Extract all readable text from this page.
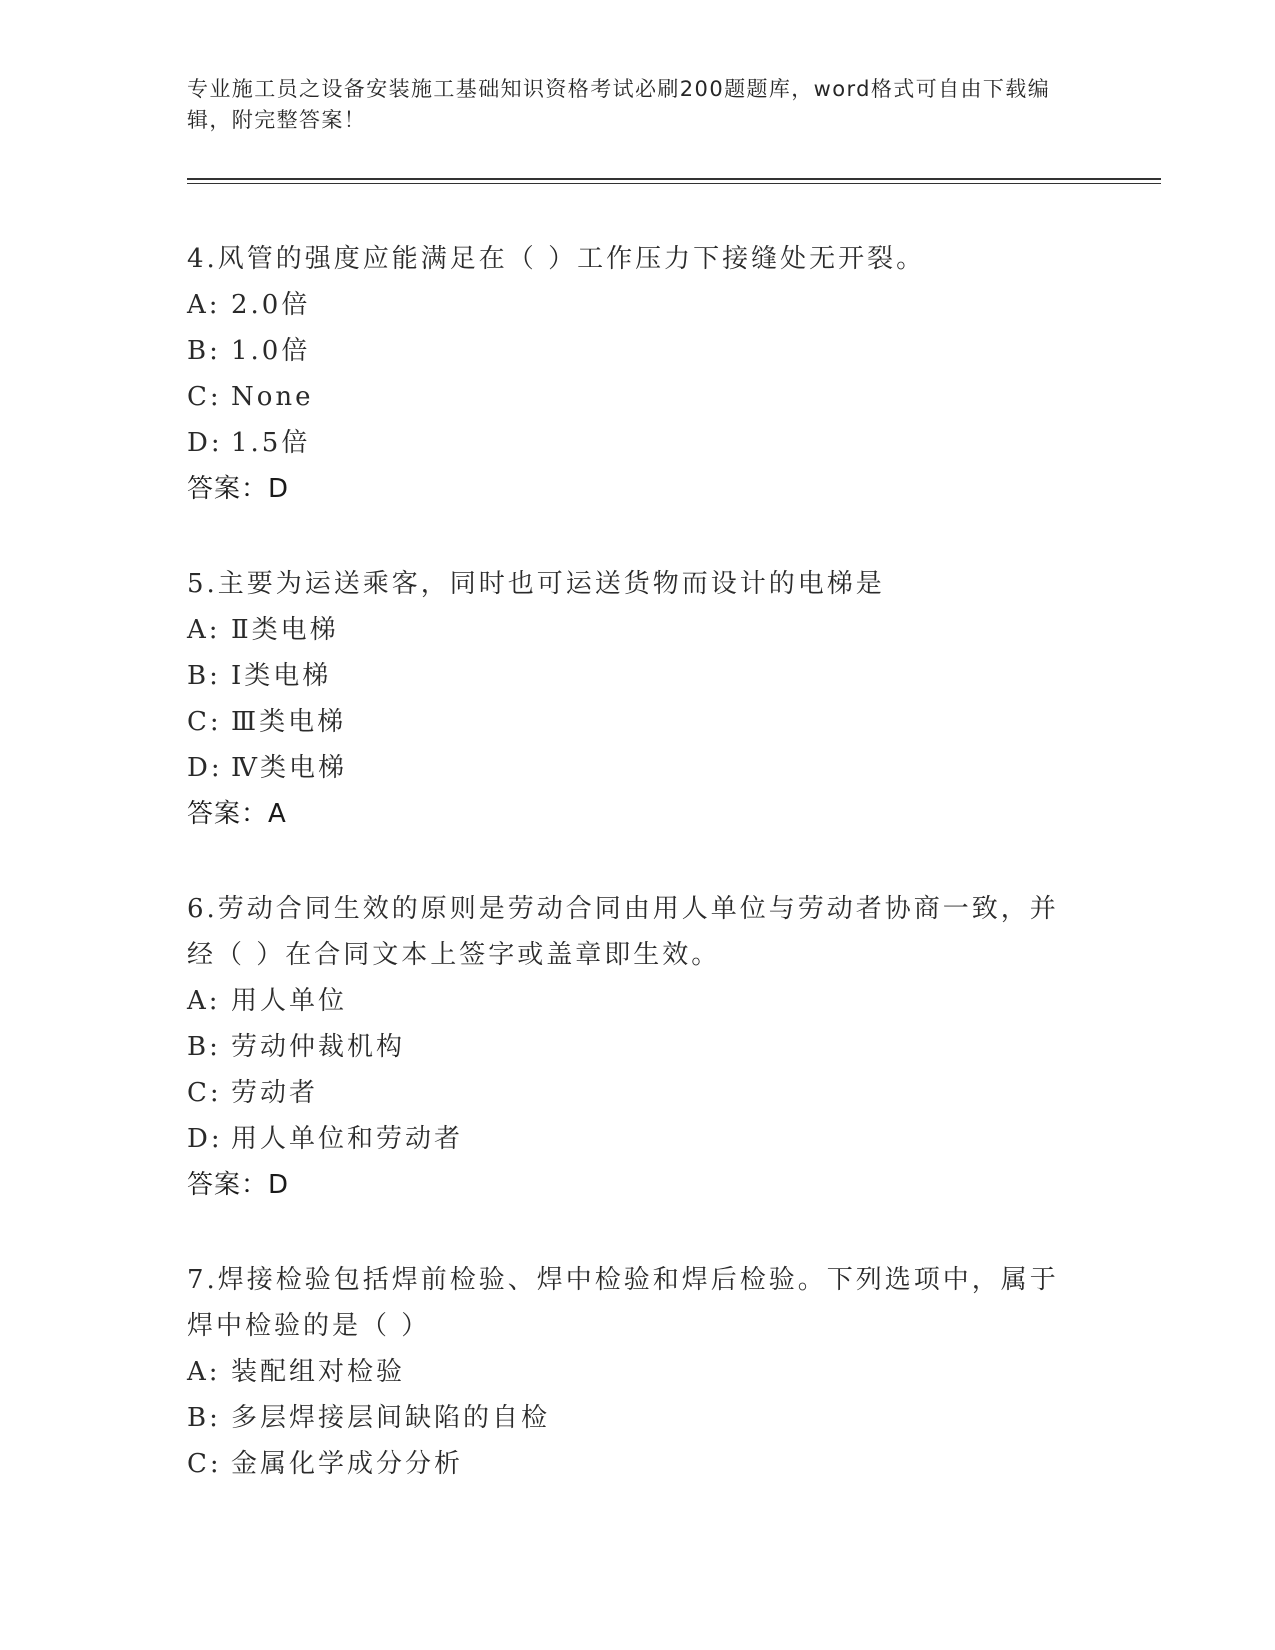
专业施工员之设备安装施工基础知识资格考试必刷200题题库，word格式可自由下载编辑，附完整答案！
4.风管的强度应能满足在（ ）工作压力下接缝处无开裂。
A: 2.0倍
B: 1.0倍
C: None
D: 1.5倍
答案：D
5.主要为运送乘客，同时也可运送货物而设计的电梯是
A: Ⅱ类电梯
B: Ⅰ类电梯
C: Ⅲ类电梯
D: Ⅳ类电梯
答案：A
6.劳动合同生效的原则是劳动合同由用人单位与劳动者协商一致，并经（ ）在合同文本上签字或盖章即生效。
A: 用人单位
B: 劳动仲裁机构
C: 劳动者
D: 用人单位和劳动者
答案：D
7.焊接检验包括焊前检验、焊中检验和焊后检验。下列选项中，属于焊中检验的是（ ）
A: 装配组对检验
B: 多层焊接层间缺陷的自检
C: 金属化学成分分析
